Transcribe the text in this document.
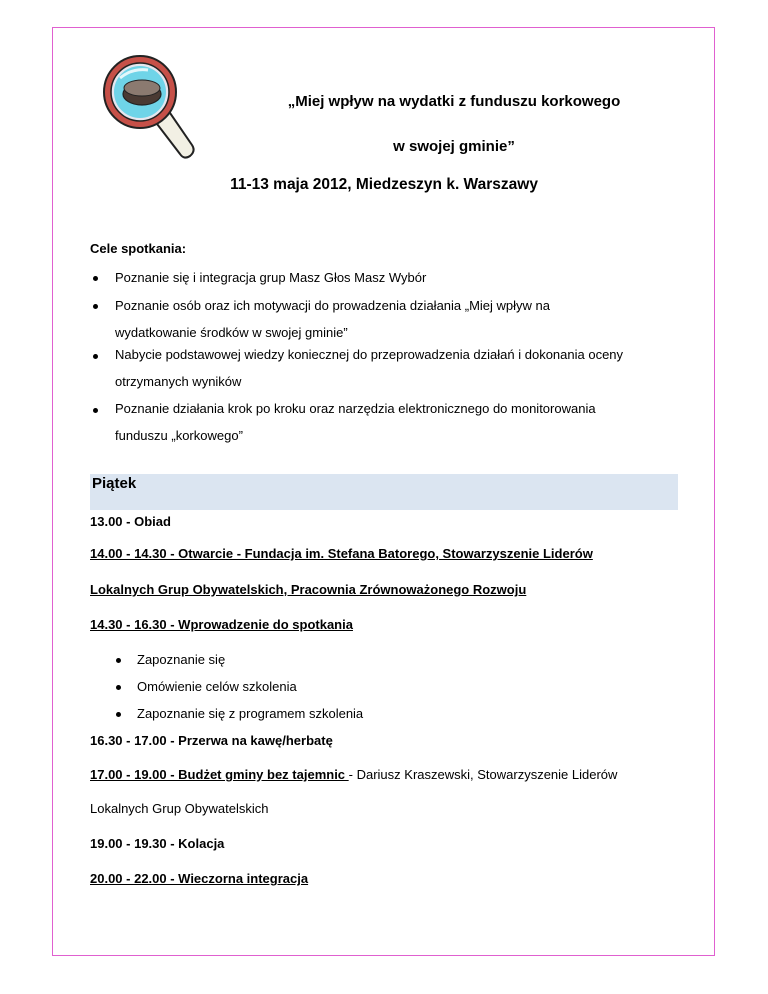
„Miej wpływ na wydatki z funduszu korkowego
w swojej gminie”
11-13 maja 2012, Miedzeszyn k. Warszawy
Cele spotkania:
Poznanie się i integracja grup Masz Głos Masz Wybór
Poznanie osób oraz ich motywacji do prowadzenia działania „Miej wpływ na
wydatkowanie środków w swojej gminie”
Nabycie podstawowej wiedzy koniecznej do przeprowadzenia działań i dokonania oceny
otrzymanych wyników
Poznanie działania krok po kroku oraz narzędzia elektronicznego do monitorowania
funduszu „korkowego”
Piątek
13.00 - Obiad
14.00 - 14.30 - Otwarcie - Fundacja im. Stefana Batorego, Stowarzyszenie Liderów
Lokalnych Grup Obywatelskich, Pracownia Zrównoważonego Rozwoju
14.30 - 16.30 - Wprowadzenie do spotkania
Zapoznanie się
Omówienie celów szkolenia
Zapoznanie się z programem szkolenia
16.30 - 17.00 - Przerwa na kawę/herbatę
17.00 - 19.00 - Budżet gminy bez tajemnic - Dariusz Kraszewski, Stowarzyszenie Liderów
Lokalnych Grup Obywatelskich
19.00 - 19.30 - Kolacja
20.00 - 22.00 - Wieczorna integracja
